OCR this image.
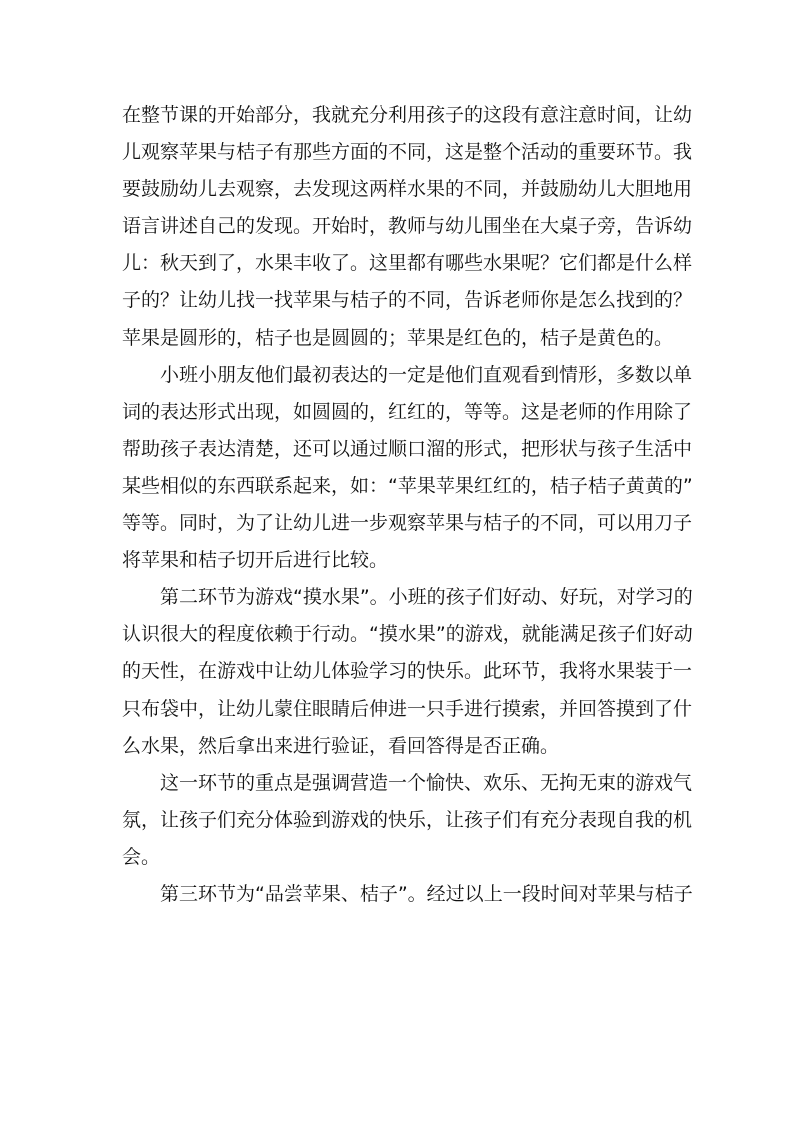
在整节课的开始部分，我就充分利用孩子的这段有意注意时间，让幼
儿观察苹果与桔子有那些方面的不同，这是整个活动的重要环节。我
要鼓励幼儿去观察，去发现这两样水果的不同，并鼓励幼儿大胆地用
语言讲述自己的发现。开始时，教师与幼儿围坐在大桌子旁，告诉幼
儿：秋天到了，水果丰收了。这里都有哪些水果呢？它们都是什么样
子的？让幼儿找一找苹果与桔子的不同，告诉老师你是怎么找到的？
苹果是圆形的，桔子也是圆圆的；苹果是红色的，桔子是黄色的。
小班小朋友他们最初表达的一定是他们直观看到情形，多数以单
词的表达形式出现，如圆圆的，红红的，等等。这是老师的作用除了
帮助孩子表达清楚，还可以通过顺口溜的形式，把形状与孩子生活中
某些相似的东西联系起来，如：“苹果苹果红红的，桔子桔子黄黄的”
等等。同时，为了让幼儿进一步观察苹果与桔子的不同，可以用刀子
将苹果和桔子切开后进行比较。
第二环节为游戏“摸水果”。小班的孩子们好动、好玩，对学习的
认识很大的程度依赖于行动。“摸水果”的游戏，就能满足孩子们好动
的天性，在游戏中让幼儿体验学习的快乐。此环节，我将水果装于一
只布袋中，让幼儿蒙住眼睛后伸进一只手进行摸索，并回答摸到了什
么水果，然后拿出来进行验证，看回答得是否正确。
这一环节的重点是强调营造一个愉快、欢乐、无拘无束的游戏气
氛，让孩子们充分体验到游戏的快乐，让孩子们有充分表现自我的机
会。
第三环节为“品尝苹果、桔子”。经过以上一段时间对苹果与桔子
